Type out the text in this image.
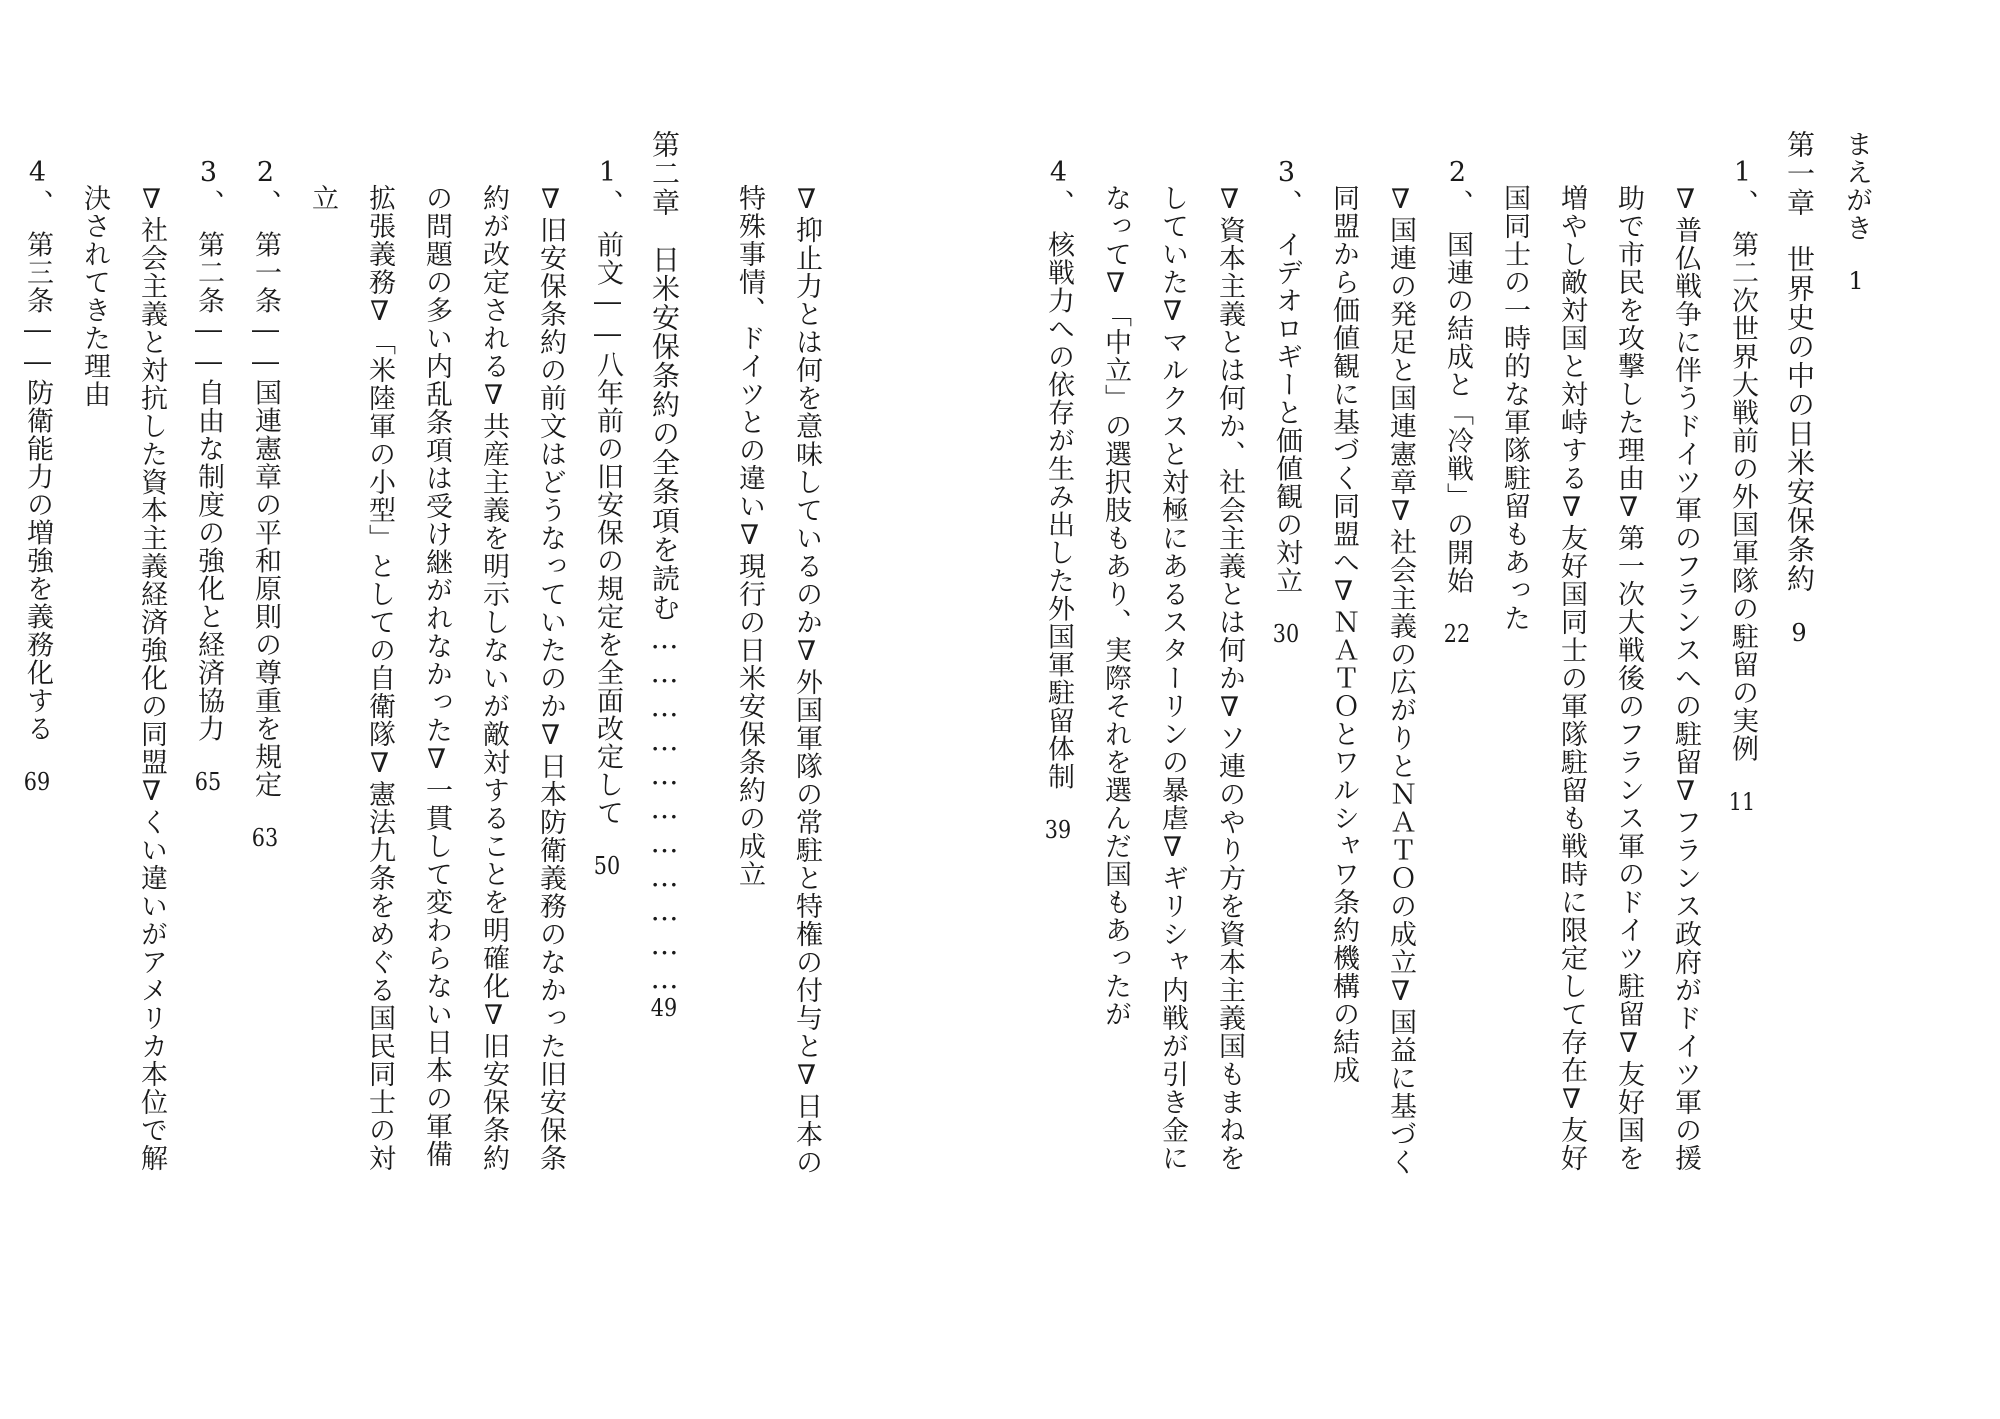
まえがき1
第一章世界史の中の日米安保条約9
1、第二次世界大戦前の外国軍隊の駐留の実例11
∇普仏戦争に伴うドイツ軍のフランスへの駐留∇フランス政府がドイツ軍の援
助で市民を攻撃した理由∇第一次大戦後のフランス軍のドイツ駐留∇友好国を
増やし敵対国と対峙する∇友好国同士の軍隊駐留も戦時に限定して存在∇友好
国同士の一時的な軍隊駐留もあった
2、国連の結成と「冷戦」の開始22
∇国連の発足と国連憲章∇社会主義の広がりとＮＡＴＯの成立∇国益に基づく
同盟から価値観に基づく同盟へ∇ＮＡＴＯとワルシャワ条約機構の結成
3、イデオロギーと価値観の対立30
∇資本主義とは何か、社会主義とは何か∇ソ連のやり方を資本主義国もまねを
していた∇マルクスと対極にあるスターリンの暴虐∇ギリシャ内戦が引き金に
なって∇「中立」の選択肢もあり、実際それを選んだ国もあったが
4、核戦力への依存が生み出した外国軍駐留体制39
∇抑止力とは何を意味しているのか∇外国軍隊の常駐と特権の付与と∇日本の
特殊事情、ドイツとの違い∇現行の日米安保条約の成立
第二章日米安保条約の全条項を読む……………………………49
1、前文――八年前の旧安保の規定を全面改定して50
∇旧安保条約の前文はどうなっていたのか∇日本防衛義務のなかった旧安保条
約が改定される∇共産主義を明示しないが敵対することを明確化∇旧安保条約
の問題の多い内乱条項は受け継がれなかった∇一貫して変わらない日本の軍備
拡張義務∇「米陸軍の小型」としての自衛隊∇憲法九条をめぐる国民同士の対
立
2、第一条――国連憲章の平和原則の尊重を規定63
3、第二条――自由な制度の強化と経済協力65
∇社会主義と対抗した資本主義経済強化の同盟∇くい違いがアメリカ本位で解
決されてきた理由
4、第三条――防衛能力の増強を義務化する69
